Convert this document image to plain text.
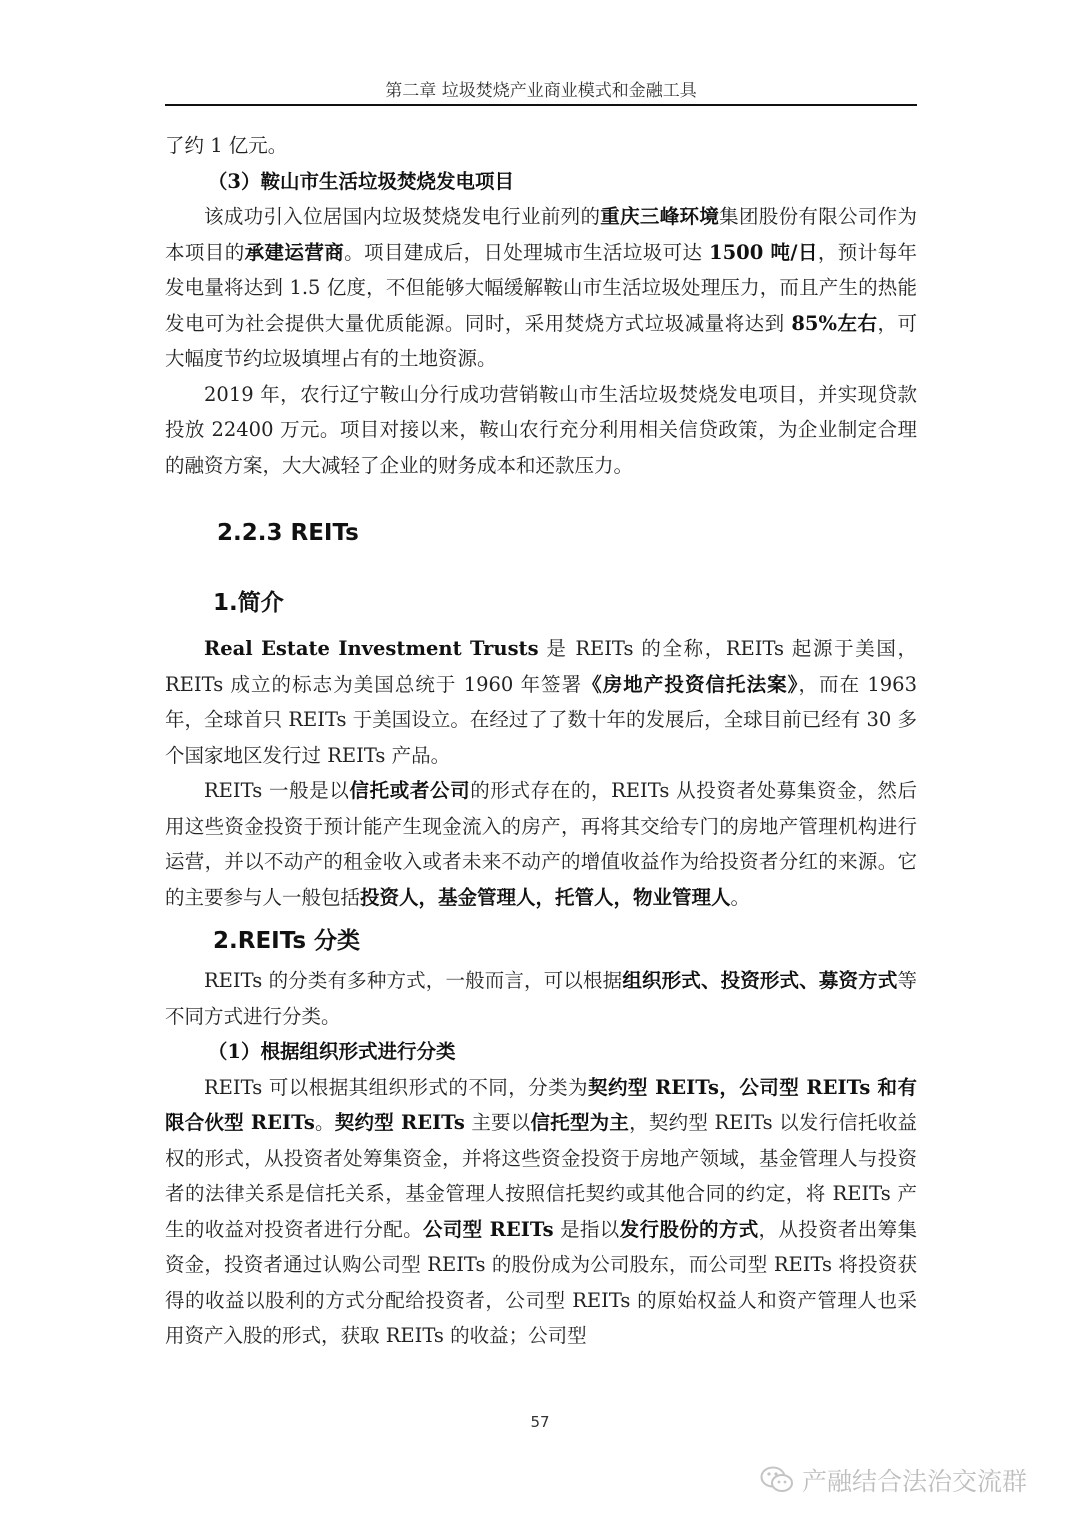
第二章 垃圾焚烧产业商业模式和金融工具

了约 1 亿元。

（3）鞍山市生活垃圾焚烧发电项目

该成功引入位居国内垃圾焚烧发电行业前列的重庆三峰环境集团股份有限公司作为本项目的承建运营商。项目建成后，日处理城市生活垃圾可达 1500 吨/日，预计每年发电量将达到 1.5 亿度，不但能够大幅缓解鞍山市生活垃圾处理压力，而且产生的热能发电可为社会提供大量优质能源。同时，采用焚烧方式垃圾减量将达到 85%左右，可大幅度节约垃圾填埋占有的土地资源。

2019 年，农行辽宁鞍山分行成功营销鞍山市生活垃圾焚烧发电项目，并实现贷款投放 22400 万元。项目对接以来，鞍山农行充分利用相关信贷政策，为企业制定合理的融资方案，大大减轻了企业的财务成本和还款压力。

2.2.3 REITs
1.简介

Real Estate Investment Trusts 是 REITs 的全称，REITs 起源于美国，REITs 成立的标志为美国总统于 1960 年签署《房地产投资信托法案》，而在 1963 年，全球首只 REITs 于美国设立。在经过了了数十年的发展后，全球目前已经有 30 多个国家地区发行过 REITs 产品。

REITs 一般是以信托或者公司的形式存在的，REITs 从投资者处募集资金，然后用这些资金投资于预计能产生现金流入的房产，再将其交给专门的房地产管理机构进行运营，并以不动产的租金收入或者未来不动产的增值收益作为给投资者分红的来源。它的主要参与人一般包括投资人，基金管理人，托管人，物业管理人。

2.REITs 分类

REITs 的分类有多种方式，一般而言，可以根据组织形式、投资形式、募资方式等不同方式进行分类。

（1）根据组织形式进行分类

REITs 可以根据其组织形式的不同，分类为契约型 REITs，公司型 REITs 和有限合伙型 REITs。契约型 REITs 主要以信托型为主，契约型 REITs 以发行信托收益权的形式，从投资者处筹集资金，并将这些资金投资于房地产领域，基金管理人与投资者的法律关系是信托关系，基金管理人按照信托契约或其他合同的约定，将 REITs 产生的收益对投资者进行分配。公司型 REITs 是指以发行股份的方式，从投资者出筹集资金，投资者通过认购公司型 REITs 的股份成为公司股东，而公司型 REITs 将投资获得的收益以股利的方式分配给投资者，公司型 REITs 的原始权益人和资产管理人也采用资产入股的形式，获取 REITs 的收益；公司型

57
产融结合法治交流群
